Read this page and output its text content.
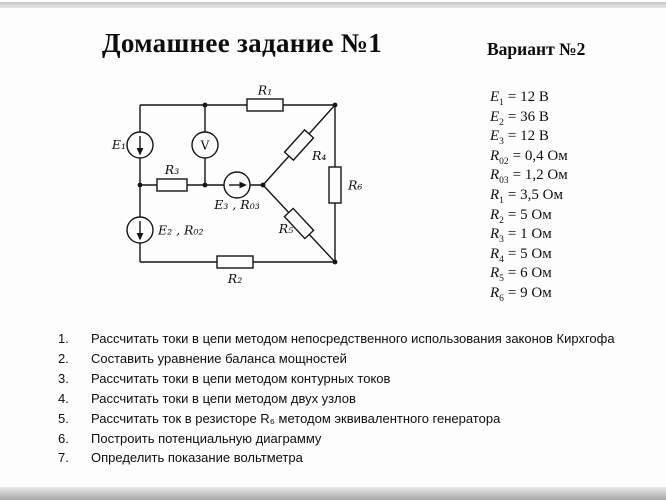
Домашнее задание №1	Вариант №2
E₁	V
R₃
R₁
E₃ , R₀₃
E₂ , R₀₂
R₂
R₄
R₅
R₆
$E_1 = 12$ В
$E_2 = 36$ В
$E_3 = 12$ В
$R_{02} = 0,4$ Ом
$R_{03} = 1,2$ Ом
$R_1 = 3,5$ Ом
$R_2 = 5$ Ом
$R_3 = 1$ Ом
$R_4 = 5$ Ом
$R_5 = 6$ Ом
$R_6 = 9$ Ом
1.	Рассчитать токи в цепи методом непосредственного использования законов Кирхгофа
2.	Составить уравнение баланса мощностей
3.	Рассчитать токи в цепи методом контурных токов
4.	Рассчитать токи в цепи методом двух узлов
5.	Рассчитать ток в резисторе R₆ методом эквивалентного генератора
6.	Построить потенциальную диаграмму
7.	Определить показание вольтметра
